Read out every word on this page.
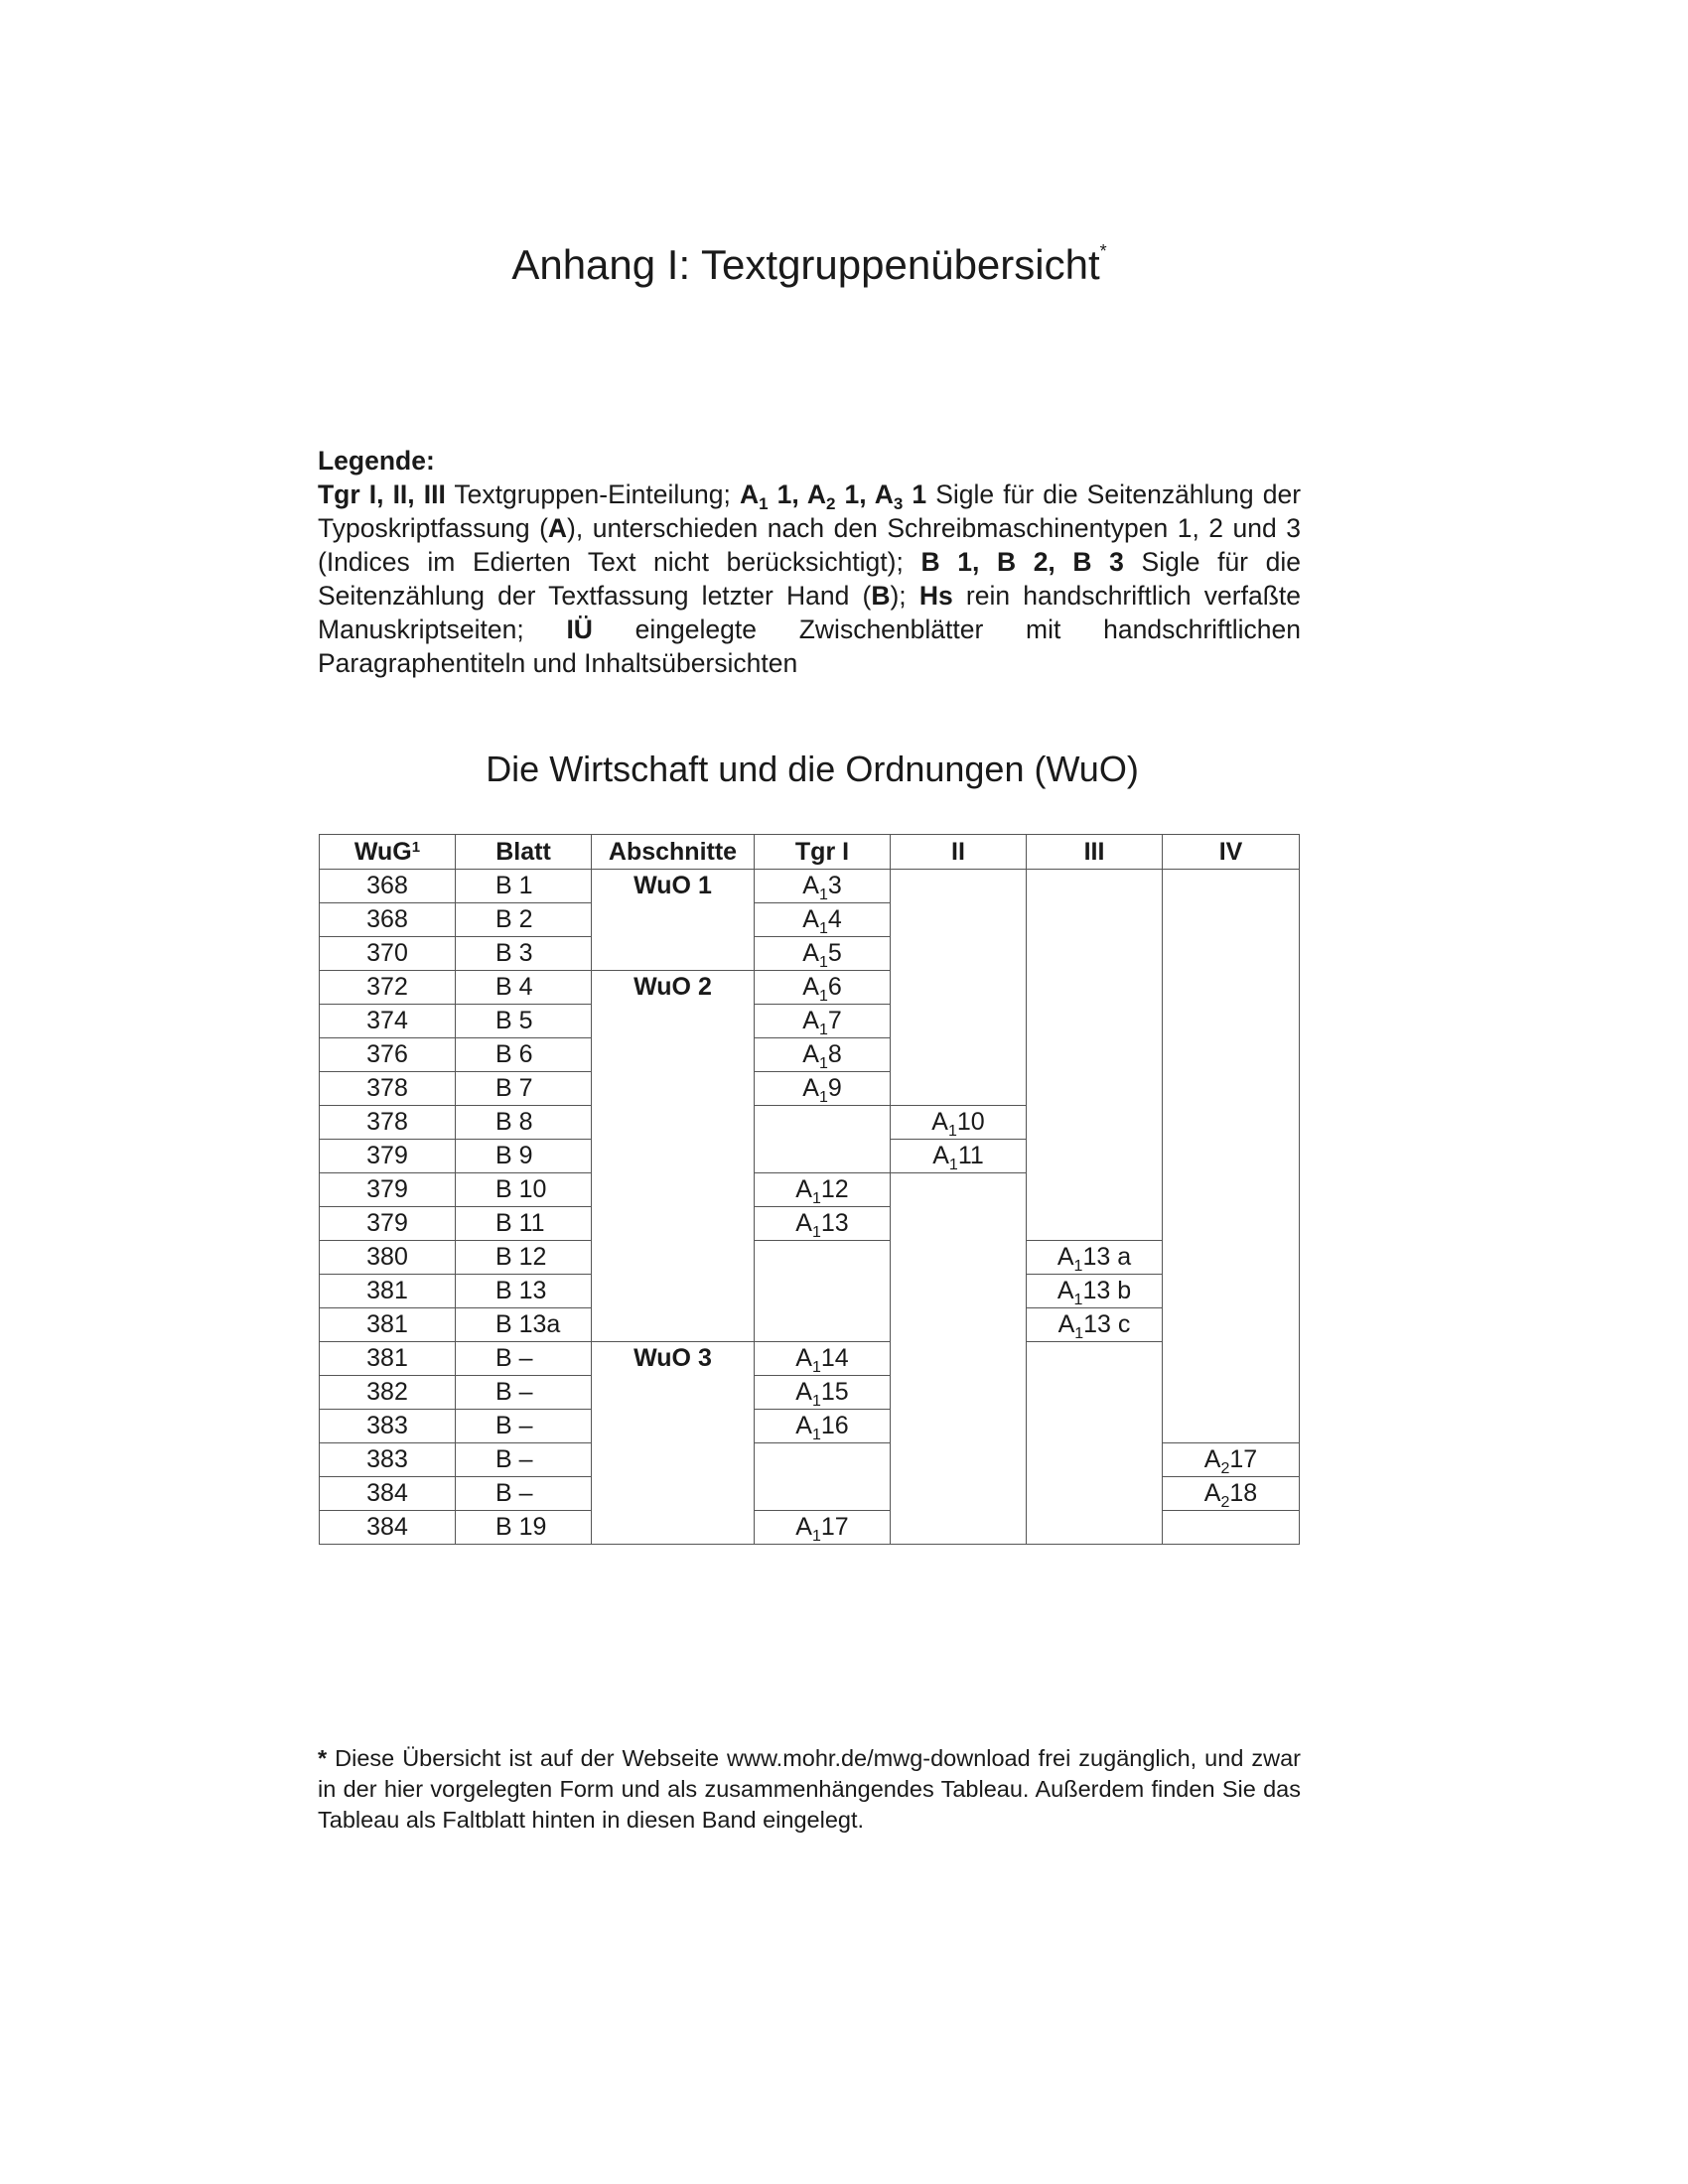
Anhang I: Textgruppenübersicht*

Legende:
Tgr I, II, III Textgruppen-Einteilung; $A_1$ 1, $A_2$ 1, $A_3$ 1 Sigle für die Seitenzählung der Typoskriptfassung (A), unterschieden nach den Schreibmaschinentypen 1, 2 und 3 (Indices im Edierten Text nicht berücksichtigt); B 1, B 2, B 3 Sigle für die Seitenzählung der Textfassung letzter Hand (B); Hs rein handschriftlich verfaßte Manuskriptseiten; IÜ eingelegte Zwischenblätter mit handschriftlichen Paragraphentiteln und Inhaltsübersichten

Die Wirtschaft und die Ordnungen (WuO)
WuG$^1$	Blatt	Abschnitte	Tgr I	II	III	IV
368	B 1	WuO 1	$A_13$			
368	B 2		$A_14$			
370	B 3		$A_15$			
372	B 4	WuO 2	$A_16$			
374	B 5		$A_17$			
376	B 6		$A_18$			
378	B 7		$A_19$			
378	B 8			$A_110$		
379	B 9			$A_111$		
379	B 10		$A_112$			
379	B 11		$A_113$			
380	B 12				$A_113$ a	
381	B 13				$A_113$ b	
381	B 13a				$A_113$ c	
381	B –	WuO 3	$A_114$			
382	B –		$A_115$			
383	B –		$A_116$			
383	B –					$A_217$
384	B –					$A_218$
384	B 19		$A_117$			

* Diese Übersicht ist auf der Webseite www.mohr.de/mwg-download frei zugänglich, und zwar in der hier vorgelegten Form und als zusammenhängendes Tableau. Außerdem finden Sie das Tableau als Faltblatt hinten in diesen Band eingelegt.
